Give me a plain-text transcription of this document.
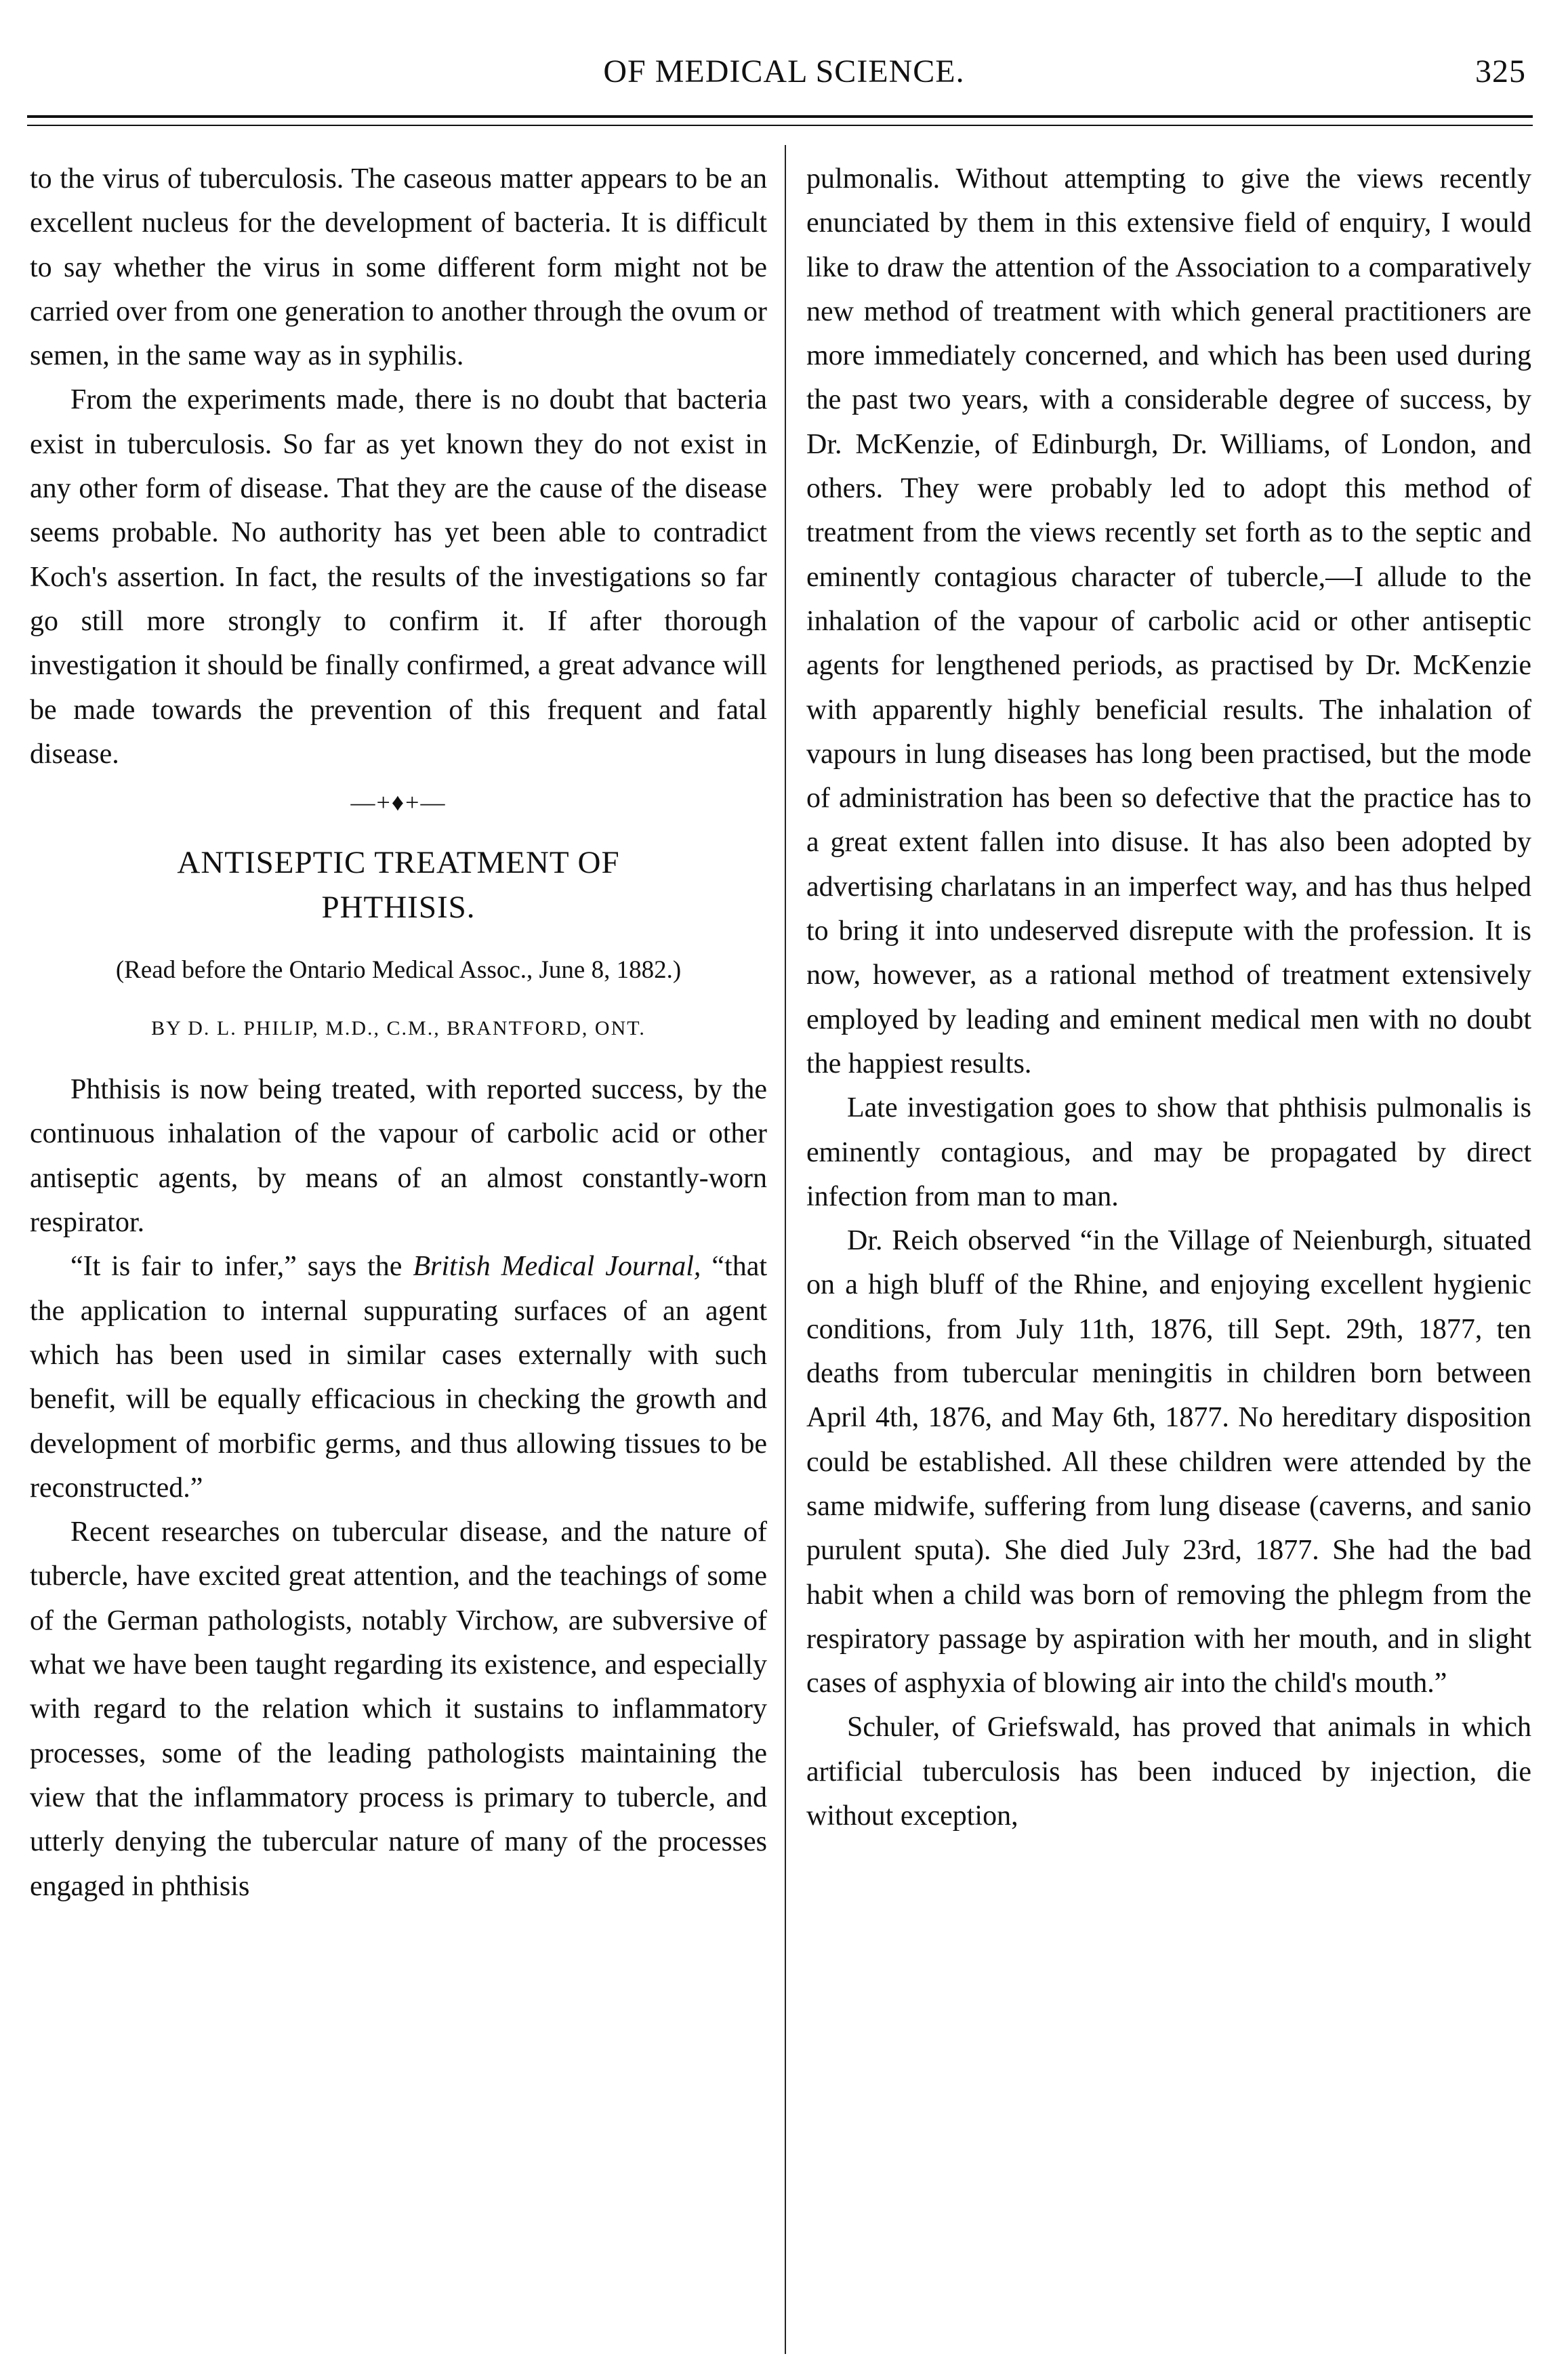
OF MEDICAL SCIENCE.	325

to the virus of tuberculosis. The caseous matter appears to be an excellent nucleus for the development of bacteria. It is difficult to say whether the virus in some different form might not be carried over from one generation to another through the ovum or semen, in the same way as in syphilis.

From the experiments made, there is no doubt that bacteria exist in tuberculosis. So far as yet known they do not exist in any other form of disease. That they are the cause of the disease seems probable. No authority has yet been able to contradict Koch's assertion. In fact, the results of the investigations so far go still more strongly to confirm it. If after thorough investigation it should be finally confirmed, a great advance will be made towards the prevention of this frequent and fatal disease.

—+♦+—
ANTISEPTIC TREATMENT OF
PHTHISIS.
(Read before the Ontario Medical Assoc., June 8, 1882.)
BY D. L. PHILIP, M.D., C.M., BRANTFORD, ONT.

Phthisis is now being treated, with reported success, by the continuous inhalation of the vapour of carbolic acid or other antiseptic agents, by means of an almost constantly-worn respirator.

“It is fair to infer,” says the British Medical Journal, “that the application to internal suppurating surfaces of an agent which has been used in similar cases externally with such benefit, will be equally efficacious in checking the growth and development of morbific germs, and thus allowing tissues to be reconstructed.”

Recent researches on tubercular disease, and the nature of tubercle, have excited great attention, and the teachings of some of the German pathologists, notably Virchow, are subversive of what we have been taught regarding its existence, and especially with regard to the relation which it sustains to inflammatory processes, some of the leading pathologists maintaining the view that the inflammatory process is primary to tubercle, and utterly denying the tubercular nature of many of the processes engaged in phthisis

pulmonalis. Without attempting to give the views recently enunciated by them in this extensive field of enquiry, I would like to draw the attention of the Association to a comparatively new method of treatment with which general practitioners are more immediately concerned, and which has been used during the past two years, with a considerable degree of success, by Dr. McKenzie, of Edinburgh, Dr. Williams, of London, and others. They were probably led to adopt this method of treatment from the views recently set forth as to the septic and eminently contagious character of tubercle,—I allude to the inhalation of the vapour of carbolic acid or other antiseptic agents for lengthened periods, as practised by Dr. McKenzie with apparently highly beneficial results. The inhalation of vapours in lung diseases has long been practised, but the mode of administration has been so defective that the practice has to a great extent fallen into disuse. It has also been adopted by advertising charlatans in an imperfect way, and has thus helped to bring it into undeserved disrepute with the profession. It is now, however, as a rational method of treatment extensively employed by leading and eminent medical men with no doubt the happiest results.

Late investigation goes to show that phthisis pulmonalis is eminently contagious, and may be propagated by direct infection from man to man.

Dr. Reich observed “in the Village of Neienburgh, situated on a high bluff of the Rhine, and enjoying excellent hygienic conditions, from July 11th, 1876, till Sept. 29th, 1877, ten deaths from tubercular meningitis in children born between April 4th, 1876, and May 6th, 1877. No hereditary disposition could be established. All these children were attended by the same midwife, suffering from lung disease (caverns, and sanio purulent sputa). She died July 23rd, 1877. She had the bad habit when a child was born of removing the phlegm from the respiratory passage by aspiration with her mouth, and in slight cases of asphyxia of blowing air into the child's mouth.”

Schuler, of Griefswald, has proved that animals in which artificial tuberculosis has been induced by injection, die without exception,
